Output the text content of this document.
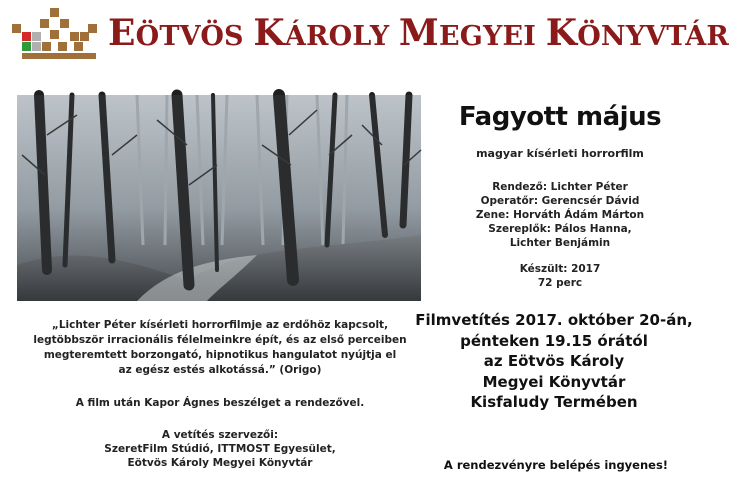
EÖTVÖS KÁROLY MEGYEI KÖNYVTÁR
Fagyott május
magyar kísérleti horrorfilm
Rendező: Lichter Péter
Operatőr: Gerencsér Dávid
Zene: Horváth Ádám Márton
Szereplők: Pálos Hanna,
Lichter Benjámin
Készült: 2017
72 perc
„Lichter Péter kísérleti horrorfilmje az erdőhöz kapcsolt,
legtöbbször irracionális félelmeinkre épít, és az első perceiben
megteremtett borzongató, hipnotikus hangulatot nyújtja el
az egész estés alkotássá.” (Origo)
A film után Kapor Ágnes beszélget a rendezővel.
A vetítés szervezői:
SzeretFilm Stúdió, ITTMOST Egyesület,
Eötvös Károly Megyei Könyvtár
Filmvetítés 2017. október 20-án,
pénteken 19.15 órától
az Eötvös Károly
Megyei Könyvtár
Kisfaludy Termében
A rendezvényre belépés ingyenes!
